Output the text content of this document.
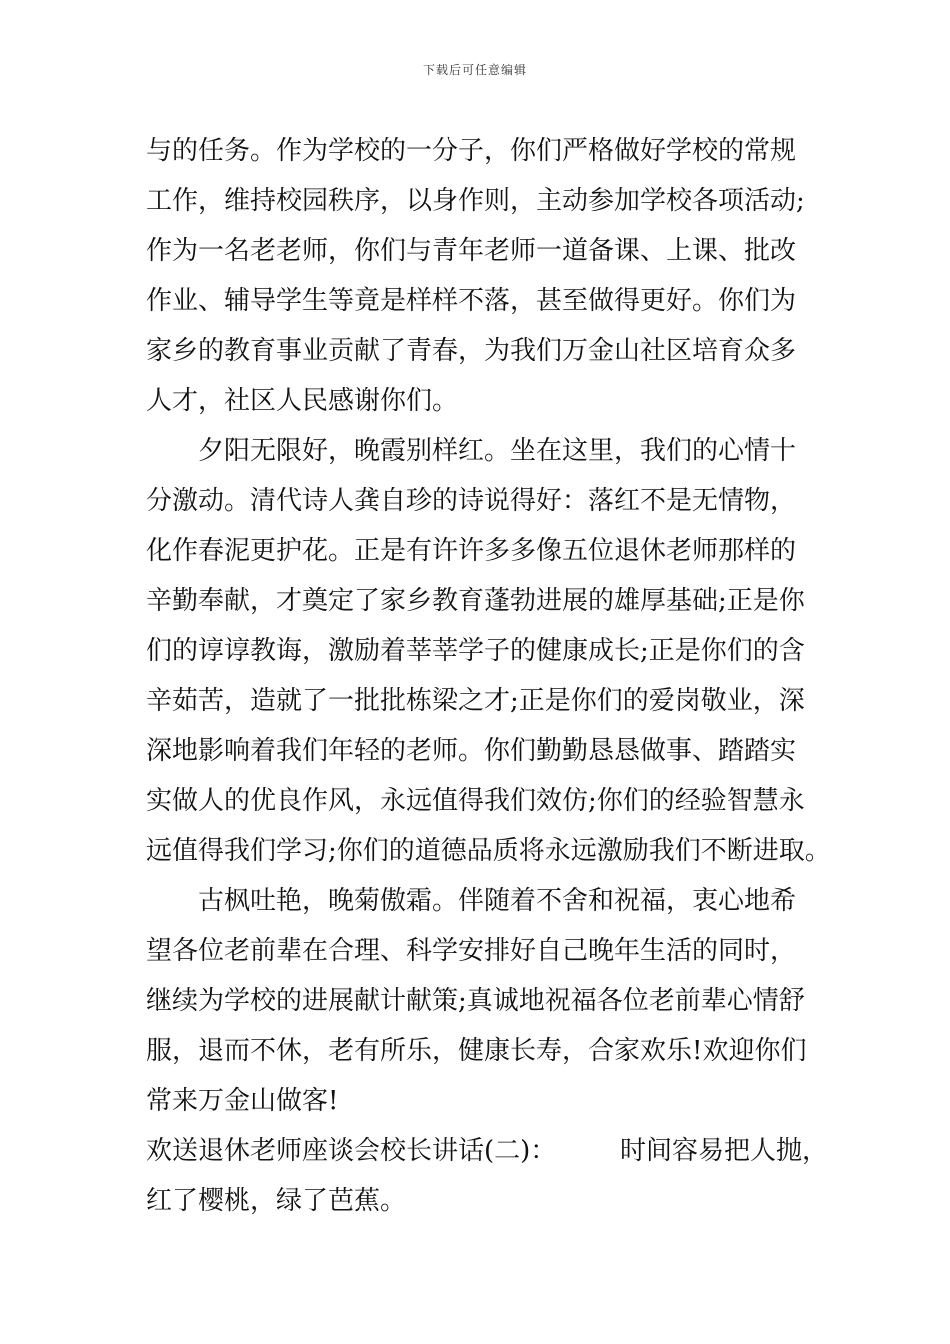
下载后可任意编辑
与的任务。作为学校的一分子，你们严格做好学校的常规
工作，维持校园秩序，以身作则，主动参加学校各项活动;
作为一名老老师，你们与青年老师一道备课、上课、批改
作业、辅导学生等竟是样样不落，甚至做得更好。你们为
家乡的教育事业贡献了青春，为我们万金山社区培育众多
人才，社区人民感谢你们。
夕阳无限好，晚霞别样红。坐在这里，我们的心情十
分激动。清代诗人龚自珍的诗说得好：落红不是无情物，
化作春泥更护花。正是有许许多多像五位退休老师那样的
辛勤奉献，才奠定了家乡教育蓬勃进展的雄厚基础;正是你
们的谆谆教诲，激励着莘莘学子的健康成长;正是你们的含
辛茹苦，造就了一批批栋梁之才;正是你们的爱岗敬业，深
深地影响着我们年轻的老师。你们勤勤恳恳做事、踏踏实
实做人的优良作风，永远值得我们效仿;你们的经验智慧永
远值得我们学习;你们的道德品质将永远激励我们不断进取。
古枫吐艳，晚菊傲霜。伴随着不舍和祝福，衷心地希
望各位老前辈在合理、科学安排好自己晚年生活的同时，
继续为学校的进展献计献策;真诚地祝福各位老前辈心情舒
服，退而不休，老有所乐，健康长寿，合家欢乐!欢迎你们
常来万金山做客!
欢送退休老师座谈会校长讲话(二)： 时间容易把人抛，
红了樱桃，绿了芭蕉。
